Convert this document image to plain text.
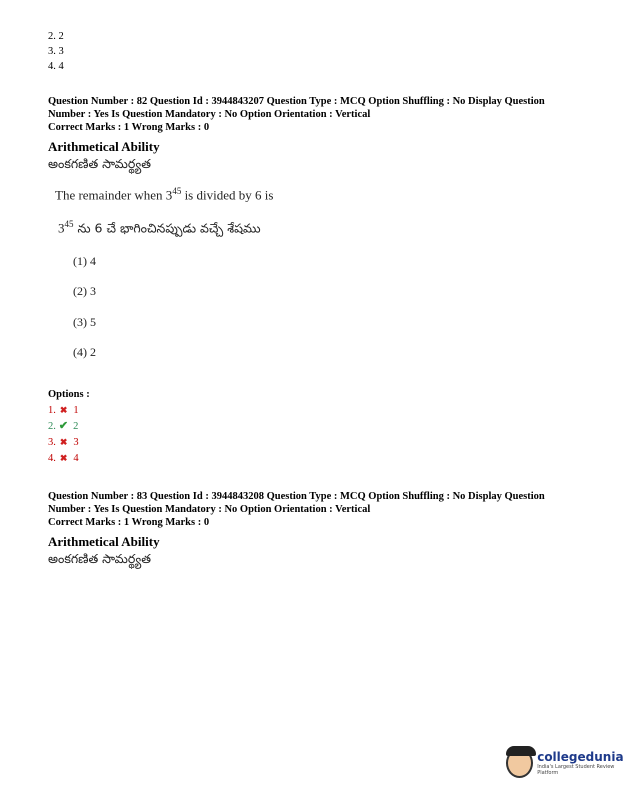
2. 2
3. 3
4. 4
Question Number : 82 Question Id : 3944843207 Question Type : MCQ Option Shuffling : No Display Question
Number : Yes Is Question Mandatory : No Option Orientation : Vertical
Correct Marks : 1 Wrong Marks : 0
Arithmetical Ability
అంకగణిత సామర్థ్యత
The remainder when $3^{45}$ is divided by 6 is
$3^{45}$ ను 6 చే భాగించినప్పుడు వచ్చే శేషము
(1) 4
(2) 3
(3) 5
(4) 2
Options :
1. ✖ 1
2. ✔ 2
3. ✖ 3
4. ✖ 4
Question Number : 83 Question Id : 3944843208 Question Type : MCQ Option Shuffling : No Display Question
Number : Yes Is Question Mandatory : No Option Orientation : Vertical
Correct Marks : 1 Wrong Marks : 0
Arithmetical Ability
అంకగణిత సామర్థ్యత
collegedunia
India's Largest Student Review Platform
